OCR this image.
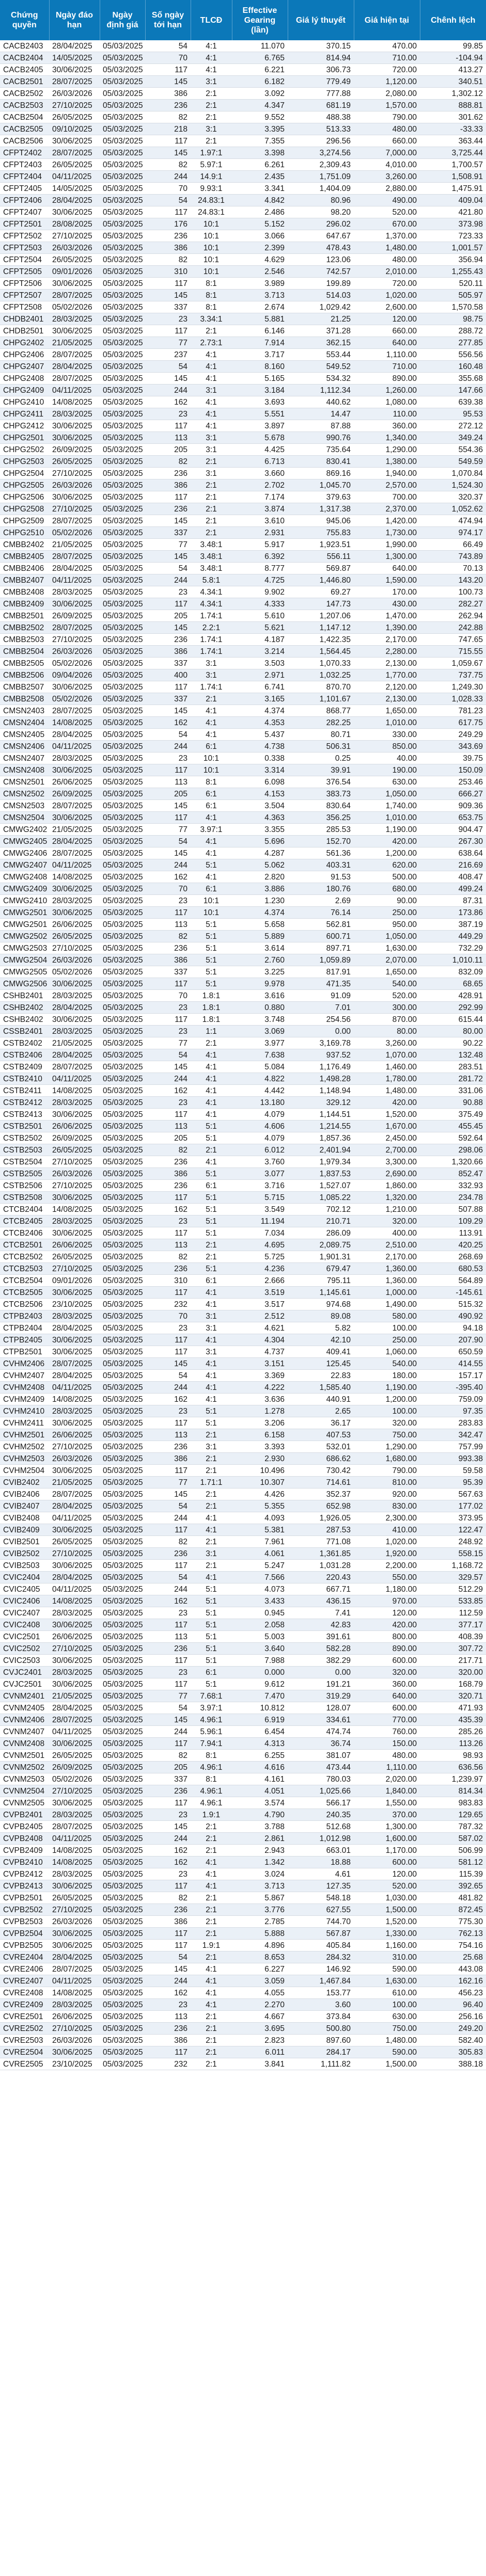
Chứng quyền	Ngày đáo hạn	Ngày định giá	Số ngày tới hạn	TLCĐ	Effective Gearing (lần)	Giá lý thuyết	Giá hiện tại	Chênh lệch
CACB2403	28/04/2025	05/03/2025	54	4:1	11.070	370.15	470.00	99.85
CACB2404	14/05/2025	05/03/2025	70	4:1	6.765	814.94	710.00	-104.94
CACB2405	30/06/2025	05/03/2025	117	4:1	6.221	306.73	720.00	413.27
CACB2501	28/07/2025	05/03/2025	145	3:1	6.182	779.49	1,120.00	340.51
CACB2502	26/03/2026	05/03/2025	386	2:1	3.092	777.88	2,080.00	1,302.12
CACB2503	27/10/2025	05/03/2025	236	2:1	4.347	681.19	1,570.00	888.81
CACB2504	26/05/2025	05/03/2025	82	2:1	9.552	488.38	790.00	301.62
CACB2505	09/10/2025	05/03/2025	218	3:1	3.395	513.33	480.00	-33.33
CACB2506	30/06/2025	05/03/2025	117	2:1	7.355	296.56	660.00	363.44
CFPT2402	28/07/2025	05/03/2025	145	1.97:1	3.398	3,274.56	7,000.00	3,725.44
CFPT2403	26/05/2025	05/03/2025	82	5.97:1	6.261	2,309.43	4,010.00	1,700.57
CFPT2404	04/11/2025	05/03/2025	244	14.9:1	2.435	1,751.09	3,260.00	1,508.91
CFPT2405	14/05/2025	05/03/2025	70	9.93:1	3.341	1,404.09	2,880.00	1,475.91
CFPT2406	28/04/2025	05/03/2025	54	24.83:1	4.842	80.96	490.00	409.04
CFPT2407	30/06/2025	05/03/2025	117	24.83:1	2.486	98.20	520.00	421.80
CFPT2501	28/08/2025	05/03/2025	176	10:1	5.152	296.02	670.00	373.98
CFPT2502	27/10/2025	05/03/2025	236	10:1	3.066	647.67	1,370.00	723.33
CFPT2503	26/03/2026	05/03/2025	386	10:1	2.399	478.43	1,480.00	1,001.57
CFPT2504	26/05/2025	05/03/2025	82	10:1	4.629	123.06	480.00	356.94
CFPT2505	09/01/2026	05/03/2025	310	10:1	2.546	742.57	2,010.00	1,255.43
CFPT2506	30/06/2025	05/03/2025	117	8:1	3.989	199.89	720.00	520.11
CFPT2507	28/07/2025	05/03/2025	145	8:1	3.713	514.03	1,020.00	505.97
CFPT2508	05/02/2026	05/03/2025	337	8:1	2.674	1,029.42	2,600.00	1,570.58
CHDB2401	28/03/2025	05/03/2025	23	3.34:1	5.881	21.25	120.00	98.75
CHDB2501	30/06/2025	05/03/2025	117	2:1	6.146	371.28	660.00	288.72
CHPG2402	21/05/2025	05/03/2025	77	2.73:1	7.914	362.15	640.00	277.85
CHPG2406	28/07/2025	05/03/2025	237	4:1	3.717	553.44	1,110.00	556.56
CHPG2407	28/04/2025	05/03/2025	54	4:1	8.160	549.52	710.00	160.48
CHPG2408	28/07/2025	05/03/2025	145	4:1	5.165	534.32	890.00	355.68
CHPG2409	04/11/2025	05/03/2025	244	3:1	3.184	1,112.34	1,260.00	147.66
CHPG2410	14/08/2025	05/03/2025	162	4:1	3.693	440.62	1,080.00	639.38
CHPG2411	28/03/2025	05/03/2025	23	4:1	5.551	14.47	110.00	95.53
CHPG2412	30/06/2025	05/03/2025	117	4:1	3.897	87.88	360.00	272.12
CHPG2501	30/06/2025	05/03/2025	113	3:1	5.678	990.76	1,340.00	349.24
CHPG2502	26/09/2025	05/03/2025	205	3:1	4.425	735.64	1,290.00	554.36
CHPG2503	26/05/2025	05/03/2025	82	2:1	6.713	830.41	1,380.00	549.59
CHPG2504	27/10/2025	05/03/2025	236	3:1	3.660	869.16	1,940.00	1,070.84
CHPG2505	26/03/2026	05/03/2025	386	2:1	2.702	1,045.70	2,570.00	1,524.30
CHPG2506	30/06/2025	05/03/2025	117	2:1	7.174	379.63	700.00	320.37
CHPG2508	27/10/2025	05/03/2025	236	2:1	3.874	1,317.38	2,370.00	1,052.62
CHPG2509	28/07/2025	05/03/2025	145	2:1	3.610	945.06	1,420.00	474.94
CHPG2510	05/02/2026	05/03/2025	337	2:1	2.931	755.83	1,730.00	974.17
CMBB2402	21/05/2025	05/03/2025	77	3.48:1	5.917	1,923.51	1,990.00	66.49
CMBB2405	28/07/2025	05/03/2025	145	3.48:1	6.392	556.11	1,300.00	743.89
CMBB2406	28/04/2025	05/03/2025	54	3.48:1	8.777	569.87	640.00	70.13
CMBB2407	04/11/2025	05/03/2025	244	5.8:1	4.725	1,446.80	1,590.00	143.20
CMBB2408	28/03/2025	05/03/2025	23	4.34:1	9.902	69.27	170.00	100.73
CMBB2409	30/06/2025	05/03/2025	117	4.34:1	4.333	147.73	430.00	282.27
CMBB2501	26/09/2025	05/03/2025	205	1.74:1	5.610	1,207.06	1,470.00	262.94
CMBB2502	28/07/2025	05/03/2025	145	2.2:1	5.621	1,147.12	1,390.00	242.88
CMBB2503	27/10/2025	05/03/2025	236	1.74:1	4.187	1,422.35	2,170.00	747.65
CMBB2504	26/03/2026	05/03/2025	386	1.74:1	3.214	1,564.45	2,280.00	715.55
CMBB2505	05/02/2026	05/03/2025	337	3:1	3.503	1,070.33	2,130.00	1,059.67
CMBB2506	09/04/2026	05/03/2025	400	3:1	2.971	1,032.25	1,770.00	737.75
CMBB2507	30/06/2025	05/03/2025	117	1.74:1	6.741	870.70	2,120.00	1,249.30
CMBB2508	05/02/2026	05/03/2025	337	2:1	3.165	1,101.67	2,130.00	1,028.33
CMSN2403	28/07/2025	05/03/2025	145	4:1	4.374	868.77	1,650.00	781.23
CMSN2404	14/08/2025	05/03/2025	162	4:1	4.353	282.25	1,010.00	617.75
CMSN2405	28/04/2025	05/03/2025	54	4:1	5.437	80.71	330.00	249.29
CMSN2406	04/11/2025	05/03/2025	244	6:1	4.738	506.31	850.00	343.69
CMSN2407	28/03/2025	05/03/2025	23	10:1	0.338	0.25	40.00	39.75
CMSN2408	30/06/2025	05/03/2025	117	10:1	3.314	39.91	190.00	150.09
CMSN2501	26/06/2025	05/03/2025	113	8:1	6.098	376.54	630.00	253.46
CMSN2502	26/09/2025	05/03/2025	205	6:1	4.153	383.73	1,050.00	666.27
CMSN2503	28/07/2025	05/03/2025	145	6:1	3.504	830.64	1,740.00	909.36
CMSN2504	30/06/2025	05/03/2025	117	4:1	4.363	356.25	1,010.00	653.75
CMWG2402	21/05/2025	05/03/2025	77	3.97:1	3.355	285.53	1,190.00	904.47
CMWG2405	28/04/2025	05/03/2025	54	4:1	5.696	152.70	420.00	267.30
CMWG2406	28/07/2025	05/03/2025	145	4:1	4.287	561.36	1,200.00	638.64
CMWG2407	04/11/2025	05/03/2025	244	5:1	5.062	403.31	620.00	216.69
CMWG2408	14/08/2025	05/03/2025	162	4:1	2.820	91.53	500.00	408.47
CMWG2409	30/06/2025	05/03/2025	70	6:1	3.886	180.76	680.00	499.24
CMWG2410	28/03/2025	05/03/2025	23	10:1	1.230	2.69	90.00	87.31
CMWG2501	30/06/2025	05/03/2025	117	10:1	4.374	76.14	250.00	173.86
CMWG2501	26/06/2025	05/03/2025	113	5:1	5.658	562.81	950.00	387.19
CMWG2502	26/05/2025	05/03/2025	82	5:1	5.889	600.71	1,050.00	449.29
CMWG2503	27/10/2025	05/03/2025	236	5:1	3.614	897.71	1,630.00	732.29
CMWG2504	26/03/2026	05/03/2025	386	5:1	2.760	1,059.89	2,070.00	1,010.11
CMWG2505	05/02/2026	05/03/2025	337	5:1	3.225	817.91	1,650.00	832.09
CMWG2506	30/06/2025	05/03/2025	117	5:1	9.978	471.35	540.00	68.65
CSHB2401	28/03/2025	05/03/2025	70	1.8:1	3.616	91.09	520.00	428.91
CSHB2402	28/04/2025	05/03/2025	23	1.8:1	0.880	7.01	300.00	292.99
CSHB2402	30/06/2025	05/03/2025	117	1.8:1	3.748	254.56	870.00	615.44
CSSB2401	28/03/2025	05/03/2025	23	1:1	3.069	0.00	80.00	80.00
CSTB2402	21/05/2025	05/03/2025	77	2:1	3.977	3,169.78	3,260.00	90.22
CSTB2406	28/04/2025	05/03/2025	54	4:1	7.638	937.52	1,070.00	132.48
CSTB2409	28/07/2025	05/03/2025	145	4:1	5.084	1,176.49	1,460.00	283.51
CSTB2410	04/11/2025	05/03/2025	244	4:1	4.822	1,498.28	1,780.00	281.72
CSTB2411	14/08/2025	05/03/2025	162	4:1	4.442	1,148.94	1,480.00	331.06
CSTB2412	28/03/2025	05/03/2025	23	4:1	13.180	329.12	420.00	90.88
CSTB2413	30/06/2025	05/03/2025	117	4:1	4.079	1,144.51	1,520.00	375.49
CSTB2501	26/06/2025	05/03/2025	113	5:1	4.606	1,214.55	1,670.00	455.45
CSTB2502	26/09/2025	05/03/2025	205	5:1	4.079	1,857.36	2,450.00	592.64
CSTB2503	26/05/2025	05/03/2025	82	2:1	6.012	2,401.94	2,700.00	298.06
CSTB2504	27/10/2025	05/03/2025	236	4:1	3.760	1,979.34	3,300.00	1,320.66
CSTB2505	26/03/2026	05/03/2025	386	5:1	3.077	1,837.53	2,690.00	852.47
CSTB2506	27/10/2025	05/03/2025	236	6:1	3.716	1,527.07	1,860.00	332.93
CSTB2508	30/06/2025	05/03/2025	117	5:1	5.715	1,085.22	1,320.00	234.78
CTCB2404	14/08/2025	05/03/2025	162	5:1	3.549	702.12	1,210.00	507.88
CTCB2405	28/03/2025	05/03/2025	23	5:1	11.194	210.71	320.00	109.29
CTCB2406	30/06/2025	05/03/2025	117	5:1	7.034	286.09	400.00	113.91
CTCB2501	26/06/2025	05/03/2025	113	2:1	4.695	2,089.75	2,510.00	420.25
CTCB2502	26/05/2025	05/03/2025	82	2:1	5.725	1,901.31	2,170.00	268.69
CTCB2503	27/10/2025	05/03/2025	236	5:1	4.236	679.47	1,360.00	680.53
CTCB2504	09/01/2026	05/03/2025	310	6:1	2.666	795.11	1,360.00	564.89
CTCB2505	30/06/2025	05/03/2025	117	4:1	3.519	1,145.61	1,000.00	-145.61
CTCB2506	23/10/2025	05/03/2025	232	4:1	3.517	974.68	1,490.00	515.32
CTPB2403	28/03/2025	05/03/2025	70	3:1	2.512	89.08	580.00	490.92
CTPB2404	28/04/2025	05/03/2025	23	3:1	4.621	5.82	100.00	94.18
CTPB2405	30/06/2025	05/03/2025	117	4:1	4.304	42.10	250.00	207.90
CTPB2501	30/06/2025	05/03/2025	117	3:1	4.737	409.41	1,060.00	650.59
CVHM2406	28/07/2025	05/03/2025	145	4:1	3.151	125.45	540.00	414.55
CVHM2407	28/04/2025	05/03/2025	54	4:1	3.369	22.83	180.00	157.17
CVHM2408	04/11/2025	05/03/2025	244	4:1	4.222	1,585.40	1,190.00	-395.40
CVHM2409	14/08/2025	05/03/2025	162	4:1	3.636	440.91	1,200.00	759.09
CVHM2410	28/03/2025	05/03/2025	23	5:1	1.278	2.65	100.00	97.35
CVHM2411	30/06/2025	05/03/2025	117	5:1	3.206	36.17	320.00	283.83
CVHM2501	26/06/2025	05/03/2025	113	2:1	6.158	407.53	750.00	342.47
CVHM2502	27/10/2025	05/03/2025	236	3:1	3.393	532.01	1,290.00	757.99
CVHM2503	26/03/2026	05/03/2025	386	2:1	2.930	686.62	1,680.00	993.38
CVHM2504	30/06/2025	05/03/2025	117	2:1	10.496	730.42	790.00	59.58
CVIB2402	21/05/2025	05/03/2025	77	1.71:1	10.307	714.61	810.00	95.39
CVIB2406	28/07/2025	05/03/2025	145	2:1	4.426	352.37	920.00	567.63
CVIB2407	28/04/2025	05/03/2025	54	2:1	5.355	652.98	830.00	177.02
CVIB2408	04/11/2025	05/03/2025	244	4:1	4.093	1,926.05	2,300.00	373.95
CVIB2409	30/06/2025	05/03/2025	117	4:1	5.381	287.53	410.00	122.47
CVIB2501	26/05/2025	05/03/2025	82	2:1	7.961	771.08	1,020.00	248.92
CVIB2502	27/10/2025	05/03/2025	236	3:1	4.061	1,361.85	1,920.00	558.15
CVIB2503	30/06/2025	05/03/2025	117	2:1	5.247	1,031.28	2,200.00	1,168.72
CVIC2404	28/04/2025	05/03/2025	54	4:1	7.566	220.43	550.00	329.57
CVIC2405	04/11/2025	05/03/2025	244	5:1	4.073	667.71	1,180.00	512.29
CVIC2406	14/08/2025	05/03/2025	162	5:1	3.433	436.15	970.00	533.85
CVIC2407	28/03/2025	05/03/2025	23	5:1	0.945	7.41	120.00	112.59
CVIC2408	30/06/2025	05/03/2025	117	5:1	2.058	42.83	420.00	377.17
CVIC2501	26/06/2025	05/03/2025	113	5:1	5.003	391.61	800.00	408.39
CVIC2502	27/10/2025	05/03/2025	236	5:1	3.640	582.28	890.00	307.72
CVIC2503	30/06/2025	05/03/2025	117	5:1	7.988	382.29	600.00	217.71
CVJC2401	28/03/2025	05/03/2025	23	6:1	0.000	0.00	320.00	320.00
CVJC2501	30/06/2025	05/03/2025	117	5:1	9.612	191.21	360.00	168.79
CVNM2401	21/05/2025	05/03/2025	77	7.68:1	7.470	319.29	640.00	320.71
CVNM2405	28/04/2025	05/03/2025	54	3.97:1	10.812	128.07	600.00	471.93
CVNM2406	28/07/2025	05/03/2025	145	4.96:1	6.919	334.61	770.00	435.39
CVNM2407	04/11/2025	05/03/2025	244	5.96:1	6.454	474.74	760.00	285.26
CVNM2408	30/06/2025	05/03/2025	117	7.94:1	4.313	36.74	150.00	113.26
CVNM2501	26/05/2025	05/03/2025	82	8:1	6.255	381.07	480.00	98.93
CVNM2502	26/09/2025	05/03/2025	205	4.96:1	4.616	473.44	1,110.00	636.56
CVNM2503	05/02/2026	05/03/2025	337	8:1	4.161	780.03	2,020.00	1,239.97
CVNM2504	27/10/2025	05/03/2025	236	4.96:1	4.051	1,025.66	1,840.00	814.34
CVNM2505	30/06/2025	05/03/2025	117	4.96:1	3.574	566.17	1,550.00	983.83
CVPB2401	28/03/2025	05/03/2025	23	1.9:1	4.790	240.35	370.00	129.65
CVPB2405	28/07/2025	05/03/2025	145	2:1	3.788	512.68	1,300.00	787.32
CVPB2408	04/11/2025	05/03/2025	244	2:1	2.861	1,012.98	1,600.00	587.02
CVPB2409	14/08/2025	05/03/2025	162	2:1	2.943	663.01	1,170.00	506.99
CVPB2410	14/08/2025	05/03/2025	162	4:1	1.342	18.88	600.00	581.12
CVPB2412	28/03/2025	05/03/2025	23	4:1	3.024	4.61	120.00	115.39
CVPB2413	30/06/2025	05/03/2025	117	4:1	3.713	127.35	520.00	392.65
CVPB2501	26/05/2025	05/03/2025	82	2:1	5.867	548.18	1,030.00	481.82
CVPB2502	27/10/2025	05/03/2025	236	2:1	3.776	627.55	1,500.00	872.45
CVPB2503	26/03/2026	05/03/2025	386	2:1	2.785	744.70	1,520.00	775.30
CVPB2504	30/06/2025	05/03/2025	117	2:1	5.888	567.87	1,330.00	762.13
CVPB2505	30/06/2025	05/03/2025	117	1.9:1	4.896	405.84	1,160.00	754.16
CVRE2404	28/04/2025	05/03/2025	54	2:1	8.653	284.32	310.00	25.68
CVRE2406	28/07/2025	05/03/2025	145	4:1	6.227	146.92	590.00	443.08
CVRE2407	04/11/2025	05/03/2025	244	4:1	3.059	1,467.84	1,630.00	162.16
CVRE2408	14/08/2025	05/03/2025	162	4:1	4.055	153.77	610.00	456.23
CVRE2409	28/03/2025	05/03/2025	23	4:1	2.270	3.60	100.00	96.40
CVRE2501	26/06/2025	05/03/2025	113	2:1	4.667	373.84	630.00	256.16
CVRE2502	27/10/2025	05/03/2025	236	2:1	3.695	500.80	750.00	249.20
CVRE2503	26/03/2026	05/03/2025	386	2:1	2.823	897.60	1,480.00	582.40
CVRE2504	30/06/2025	05/03/2025	117	2:1	6.011	284.17	590.00	305.83
CVRE2505	23/10/2025	05/03/2025	232	2:1	3.841	1,111.82	1,500.00	388.18
